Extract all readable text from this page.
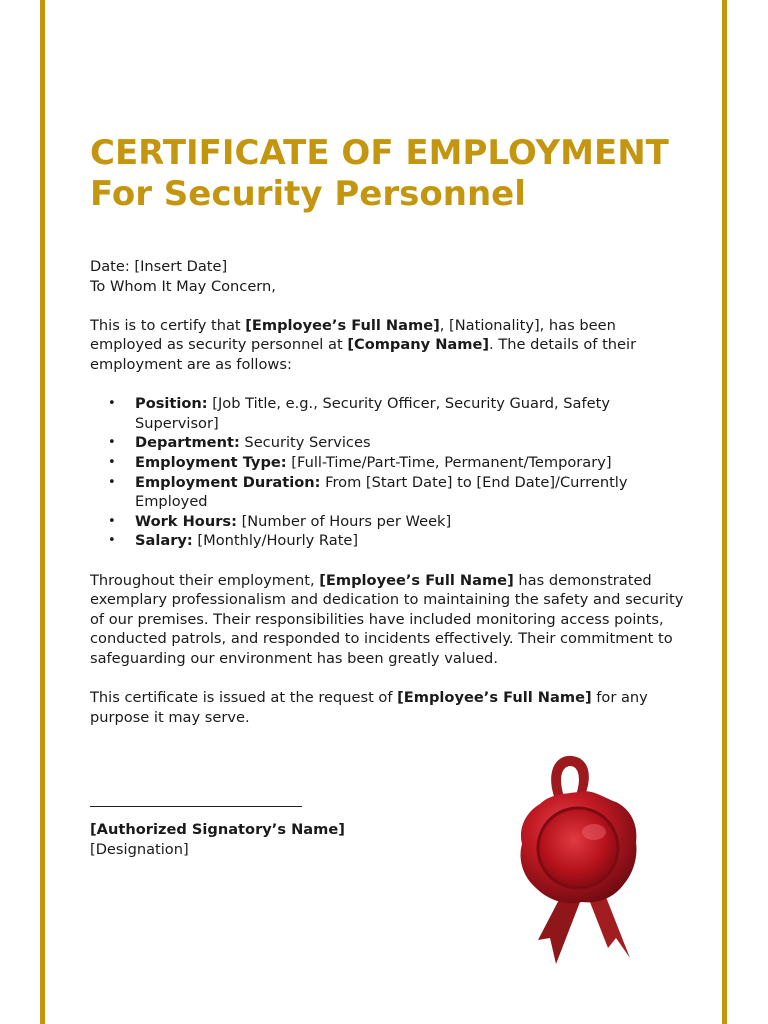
CERTIFICATE OF EMPLOYMENT
For Security Personnel
Date: [Insert Date]
To Whom It May Concern,

This is to certify that [Employee’s Full Name], [Nationality], has been employed as security personnel at [Company Name]. The details of their employment are as follows:

• Position: [Job Title, e.g., Security Officer, Security Guard, Safety Supervisor]
• Department: Security Services
• Employment Type: [Full-Time/Part-Time, Permanent/Temporary]
• Employment Duration: From [Start Date] to [End Date]/Currently Employed
• Work Hours: [Number of Hours per Week]
• Salary: [Monthly/Hourly Rate]

Throughout their employment, [Employee’s Full Name] has demonstrated exemplary professionalism and dedication to maintaining the safety and security of our premises. Their responsibilities have included monitoring access points, conducted patrols, and responded to incidents effectively. Their commitment to safeguarding our environment has been greatly valued.

This certificate is issued at the request of [Employee’s Full Name] for any purpose it may serve.

[Authorized Signatory’s Name]
[Designation]
